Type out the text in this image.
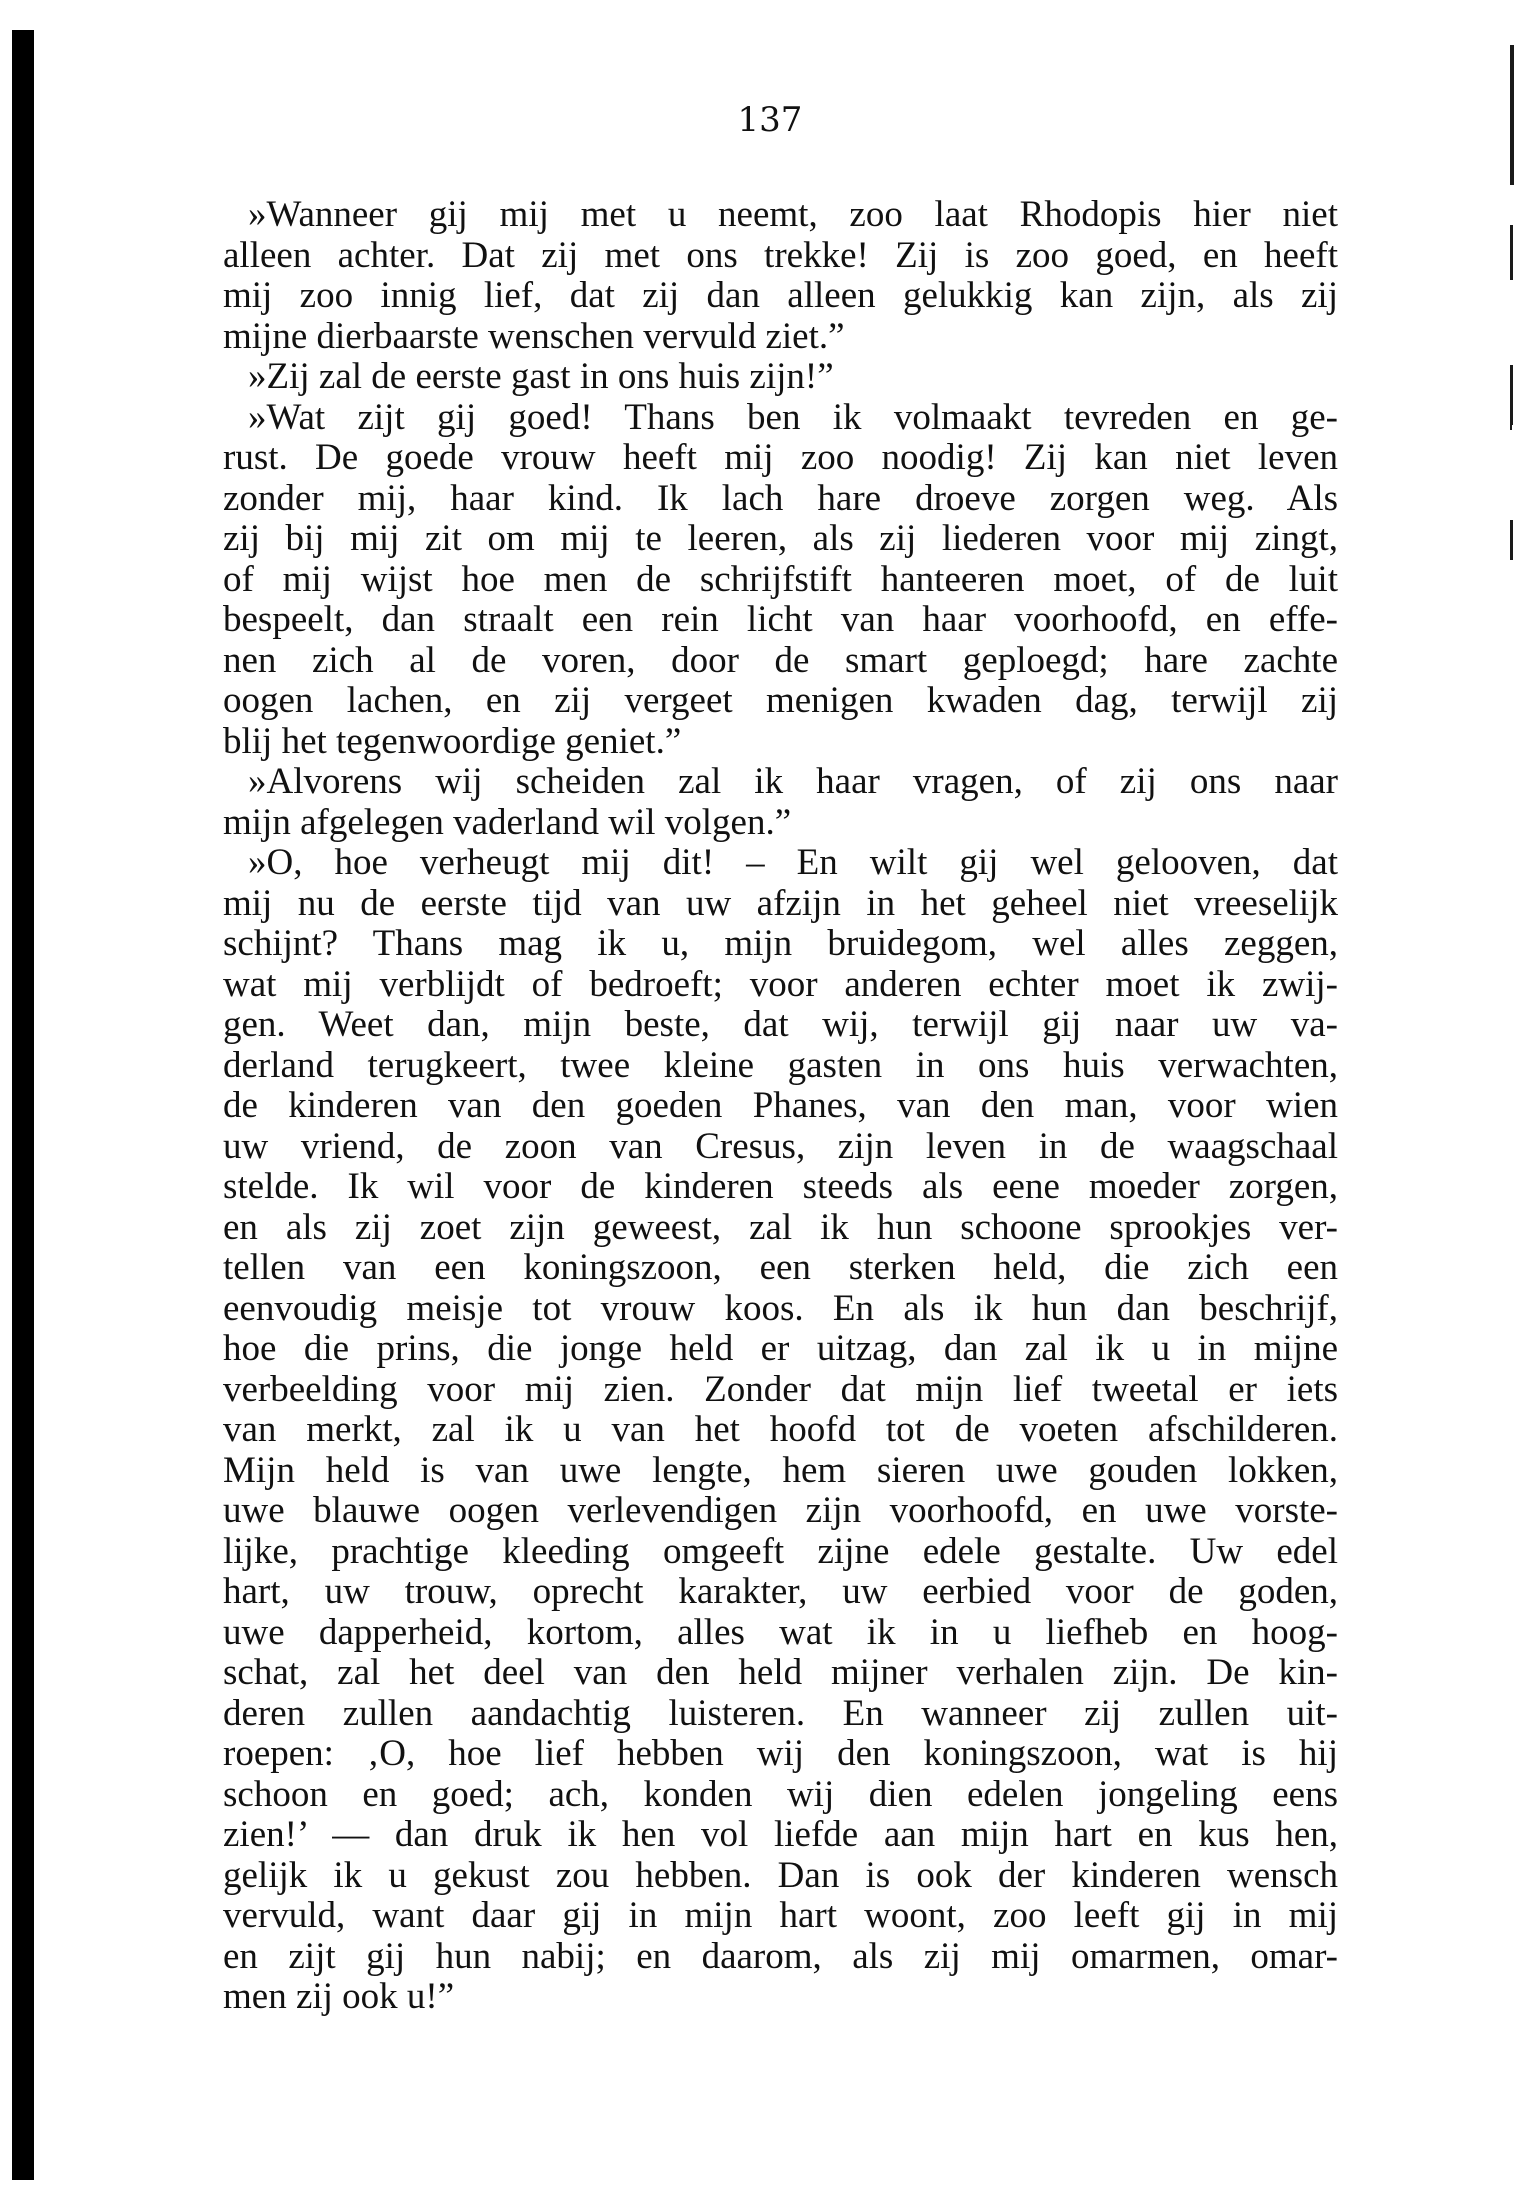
137
»Wanneer gij mij met u neemt, zoo laat Rhodopis hier niet
alleen achter. Dat zij met ons trekke! Zij is zoo goed, en heeft
mij zoo innig lief, dat zij dan alleen gelukkig kan zijn, als zij
mijne dierbaarste wenschen vervuld ziet.”
»Zij zal de eerste gast in ons huis zijn!”
»Wat zijt gij goed! Thans ben ik volmaakt tevreden en ge-
rust. De goede vrouw heeft mij zoo noodig! Zij kan niet leven
zonder mij, haar kind. Ik lach hare droeve zorgen weg. Als
zij bij mij zit om mij te leeren, als zij liederen voor mij zingt,
of mij wijst hoe men de schrijfstift hanteeren moet, of de luit
bespeelt, dan straalt een rein licht van haar voorhoofd, en effe-
nen zich al de voren, door de smart geploegd; hare zachte
oogen lachen, en zij vergeet menigen kwaden dag, terwijl zij
blij het tegenwoordige geniet.”
»Alvorens wij scheiden zal ik haar vragen, of zij ons naar
mijn afgelegen vaderland wil volgen.”
»O, hoe verheugt mij dit! – En wilt gij wel gelooven, dat
mij nu de eerste tijd van uw afzijn in het geheel niet vreeselijk
schijnt? Thans mag ik u, mijn bruidegom, wel alles zeggen,
wat mij verblijdt of bedroeft; voor anderen echter moet ik zwij-
gen. Weet dan, mijn beste, dat wij, terwijl gij naar uw va-
derland terugkeert, twee kleine gasten in ons huis verwachten,
de kinderen van den goeden Phanes, van den man, voor wien
uw vriend, de zoon van Cresus, zijn leven in de waagschaal
stelde. Ik wil voor de kinderen steeds als eene moeder zorgen,
en als zij zoet zijn geweest, zal ik hun schoone sprookjes ver-
tellen van een koningszoon, een sterken held, die zich een
eenvoudig meisje tot vrouw koos. En als ik hun dan beschrijf,
hoe die prins, die jonge held er uitzag, dan zal ik u in mijne
verbeelding voor mij zien. Zonder dat mijn lief tweetal er iets
van merkt, zal ik u van het hoofd tot de voeten afschilderen.
Mijn held is van uwe lengte, hem sieren uwe gouden lokken,
uwe blauwe oogen verlevendigen zijn voorhoofd, en uwe vorste-
lijke, prachtige kleeding omgeeft zijne edele gestalte. Uw edel
hart, uw trouw, oprecht karakter, uw eerbied voor de goden,
uwe dapperheid, kortom, alles wat ik in u liefheb en hoog-
schat, zal het deel van den held mijner verhalen zijn. De kin-
deren zullen aandachtig luisteren. En wanneer zij zullen uit-
roepen: ‚O, hoe lief hebben wij den koningszoon, wat is hij
schoon en goed; ach, konden wij dien edelen jongeling eens
zien!’ — dan druk ik hen vol liefde aan mijn hart en kus hen,
gelijk ik u gekust zou hebben. Dan is ook der kinderen wensch
vervuld, want daar gij in mijn hart woont, zoo leeft gij in mij
en zijt gij hun nabij; en daarom, als zij mij omarmen, omar-
men zij ook u!”
